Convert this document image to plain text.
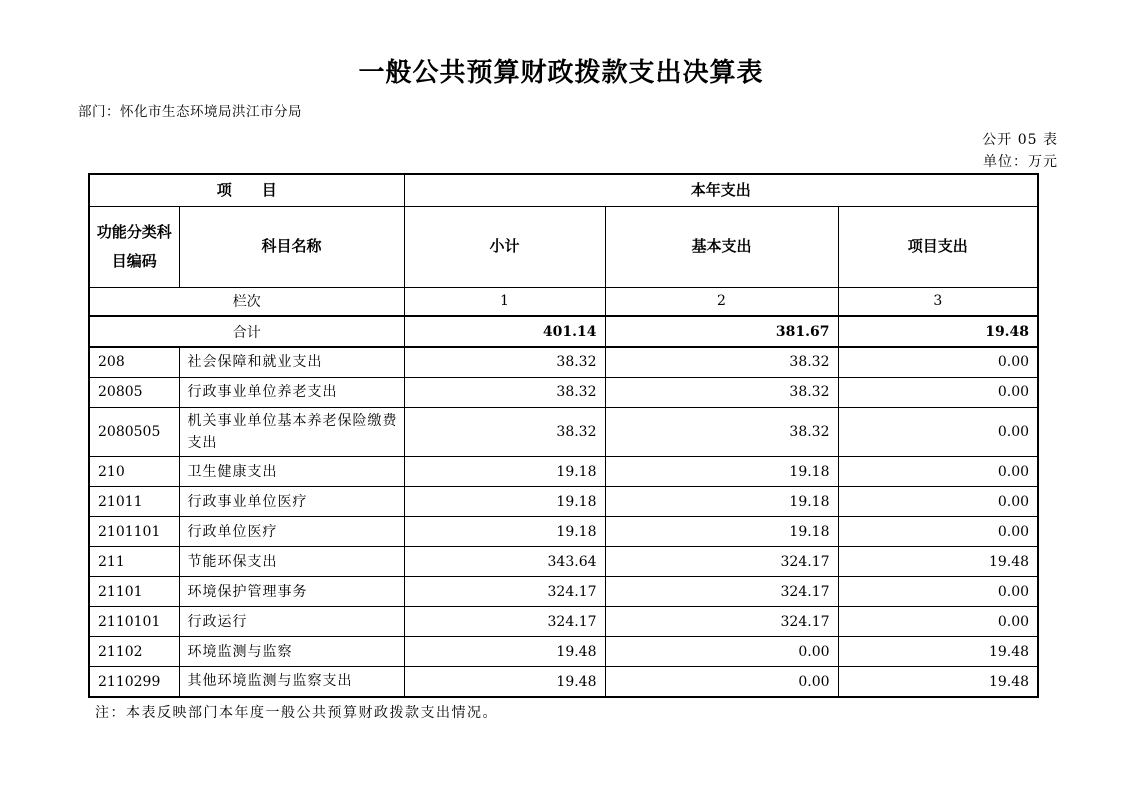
一般公共预算财政拨款支出决算表
部门：怀化市生态环境局洪江市分局
公开 05 表
单位：万元
项　　目		本年支出		
功能分类科目编码	科目名称	小计	基本支出	项目支出
栏次		1	2	3
合计		401.14	381.67	19.48
208	社会保障和就业支出	38.32	38.32	0.00
20805	行政事业单位养老支出	38.32	38.32	0.00
2080505	机关事业单位基本养老保险缴费支出	38.32	38.32	0.00
210	卫生健康支出	19.18	19.18	0.00
21011	行政事业单位医疗	19.18	19.18	0.00
2101101	行政单位医疗	19.18	19.18	0.00
211	节能环保支出	343.64	324.17	19.48
21101	环境保护管理事务	324.17	324.17	0.00
2110101	行政运行	324.17	324.17	0.00
21102	环境监测与监察	19.48	0.00	19.48
2110299	其他环境监测与监察支出	19.48	0.00	19.48
注：本表反映部门本年度一般公共预算财政拨款支出情况。
